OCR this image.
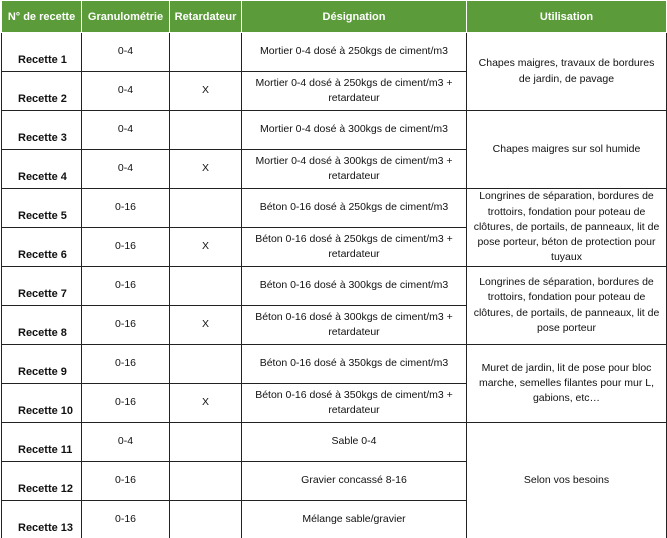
N° de recette	Granulométrie	Retardateur	Désignation	Utilisation
Recette 1	0-4		Mortier 0-4 dosé à 250kgs de ciment/m3	Chapes maigres, travaux de bordures de jardin, de pavage
Recette 2	0-4	X	Mortier 0-4 dosé à 250kgs de ciment/m3 + retardateur	
Recette 3	0-4		Mortier 0-4 dosé à 300kgs de ciment/m3	Chapes maigres sur sol humide
Recette 4	0-4	X	Mortier 0-4 dosé à 300kgs de ciment/m3 + retardateur	
Recette 5	0-16		Béton 0-16 dosé à 250kgs de ciment/m3	Longrines de séparation, bordures de trottoirs, fondation pour poteau de clôtures, de portails, de panneaux, lit de pose porteur, béton de protection pour tuyaux
Recette 6	0-16	X	Béton 0-16 dosé à 250kgs de ciment/m3 + retardateur	
Recette 7	0-16		Béton 0-16 dosé à 300kgs de ciment/m3	Longrines de séparation, bordures de trottoirs, fondation pour poteau de clôtures, de portails, de panneaux, lit de pose porteur
Recette 8	0-16	X	Béton 0-16 dosé à 300kgs de ciment/m3 + retardateur	
Recette 9	0-16		Béton 0-16 dosé à 350kgs de ciment/m3	Muret de jardin, lit de pose pour bloc marche, semelles filantes pour mur L, gabions, etc…
Recette 10	0-16	X	Béton 0-16 dosé à 350kgs de ciment/m3 + retardateur	
Recette 11	0-4		Sable 0-4	Selon vos besoins
Recette 12	0-16		Gravier concassé 8-16	
Recette 13	0-16		Mélange sable/gravier	
